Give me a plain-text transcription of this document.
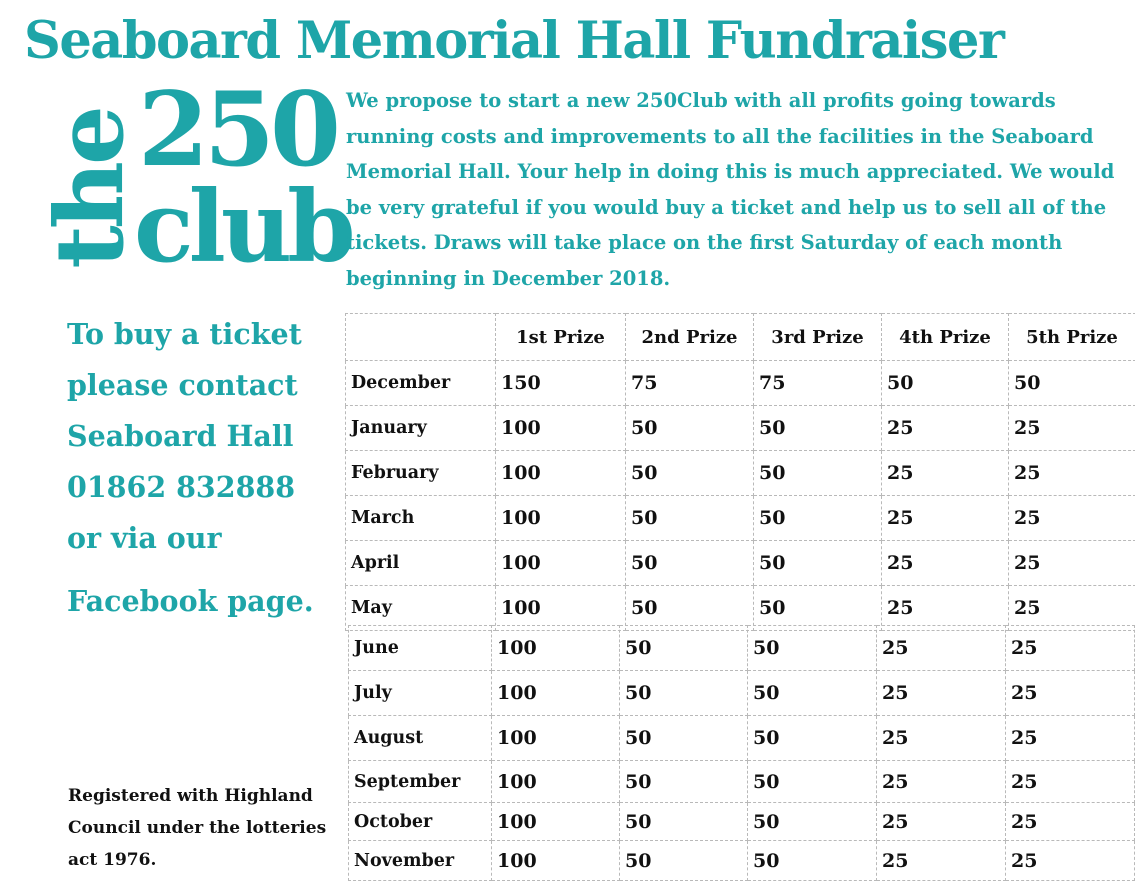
Seaboard Memorial Hall Fundraiser
the
250
club
We propose to start a new 250Club with all profits going towards running costs and improvements to all the facilities in the Seaboard Memorial Hall. Your help in doing this is much appreciated. We would be very grateful if you would buy a ticket and help us to sell all of the tickets. Draws will take place on the first Saturday of each month beginning in December 2018.
To buy a ticket
please contact
Seaboard Hall
01862 832888
or via our
Facebook page.
Registered with Highland
Council under the lotteries
act 1976.
	1st Prize	2nd Prize	3rd Prize	4th Prize	5th Prize
December	150	75	75	50	50
January	100	50	50	25	25
February	100	50	50	25	25
March	100	50	50	25	25
April	100	50	50	25	25
May	100	50	50	25	25
June	100	50	50	25	25
July	100	50	50	25	25
August	100	50	50	25	25
September	100	50	50	25	25
October	100	50	50	25	25
November	100	50	50	25	25
